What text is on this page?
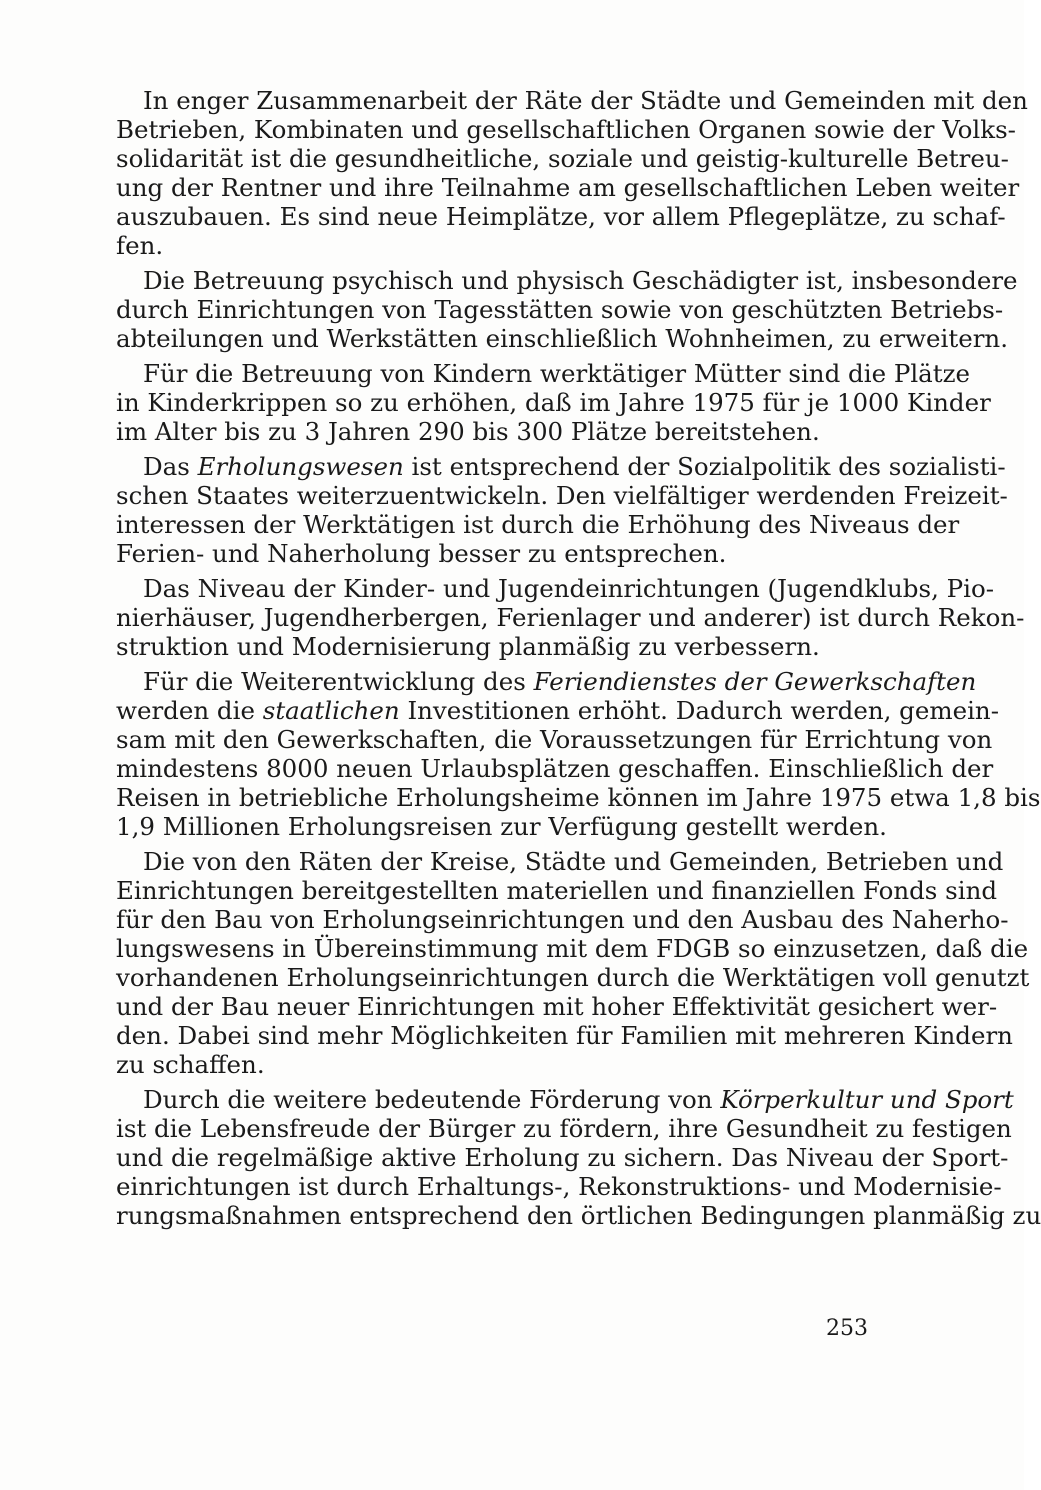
In enger Zusammenarbeit der Räte der Städte und Gemeinden mit den
Betrieben, Kombinaten und gesellschaftlichen Organen sowie der Volks-
solidarität ist die gesundheitliche, soziale und geistig-kulturelle Betreu-
ung der Rentner und ihre Teilnahme am gesellschaftlichen Leben weiter
auszubauen. Es sind neue Heimplätze, vor allem Pflegeplätze, zu schaf-
fen.
Die Betreuung psychisch und physisch Geschädigter ist, insbesondere
durch Einrichtungen von Tagesstätten sowie von geschützten Betriebs-
abteilungen und Werkstätten einschließlich Wohnheimen, zu erweitern.
Für die Betreuung von Kindern werktätiger Mütter sind die Plätze
in Kinderkrippen so zu erhöhen, daß im Jahre 1975 für je 1000 Kinder
im Alter bis zu 3 Jahren 290 bis 300 Plätze bereitstehen.
Das Erholungswesen ist entsprechend der Sozialpolitik des sozialisti-
schen Staates weiterzuentwickeln. Den vielfältiger werdenden Freizeit-
interessen der Werktätigen ist durch die Erhöhung des Niveaus der
Ferien- und Naherholung besser zu entsprechen.
Das Niveau der Kinder- und Jugendeinrichtungen (Jugendklubs, Pio-
nierhäuser, Jugendherbergen, Ferienlager und anderer) ist durch Rekon-
struktion und Modernisierung planmäßig zu verbessern.
Für die Weiterentwicklung des Feriendienstes der Gewerkschaften
werden die staatlichen Investitionen erhöht. Dadurch werden, gemein-
sam mit den Gewerkschaften, die Voraussetzungen für Errichtung von
mindestens 8000 neuen Urlaubsplätzen geschaffen. Einschließlich der
Reisen in betriebliche Erholungsheime können im Jahre 1975 etwa 1,8 bis
1,9 Millionen Erholungsreisen zur Verfügung gestellt werden.
Die von den Räten der Kreise, Städte und Gemeinden, Betrieben und
Einrichtungen bereitgestellten materiellen und finanziellen Fonds sind
für den Bau von Erholungseinrichtungen und den Ausbau des Naherho-
lungswesens in Übereinstimmung mit dem FDGB so einzusetzen, daß die
vorhandenen Erholungseinrichtungen durch die Werktätigen voll genutzt
und der Bau neuer Einrichtungen mit hoher Effektivität gesichert wer-
den. Dabei sind mehr Möglichkeiten für Familien mit mehreren Kindern
zu schaffen.
Durch die weitere bedeutende Förderung von Körperkultur und Sport
ist die Lebensfreude der Bürger zu fördern, ihre Gesundheit zu festigen
und die regelmäßige aktive Erholung zu sichern. Das Niveau der Sport-
einrichtungen ist durch Erhaltungs-, Rekonstruktions- und Modernisie-
rungsmaßnahmen entsprechend den örtlichen Bedingungen planmäßig zu
253
